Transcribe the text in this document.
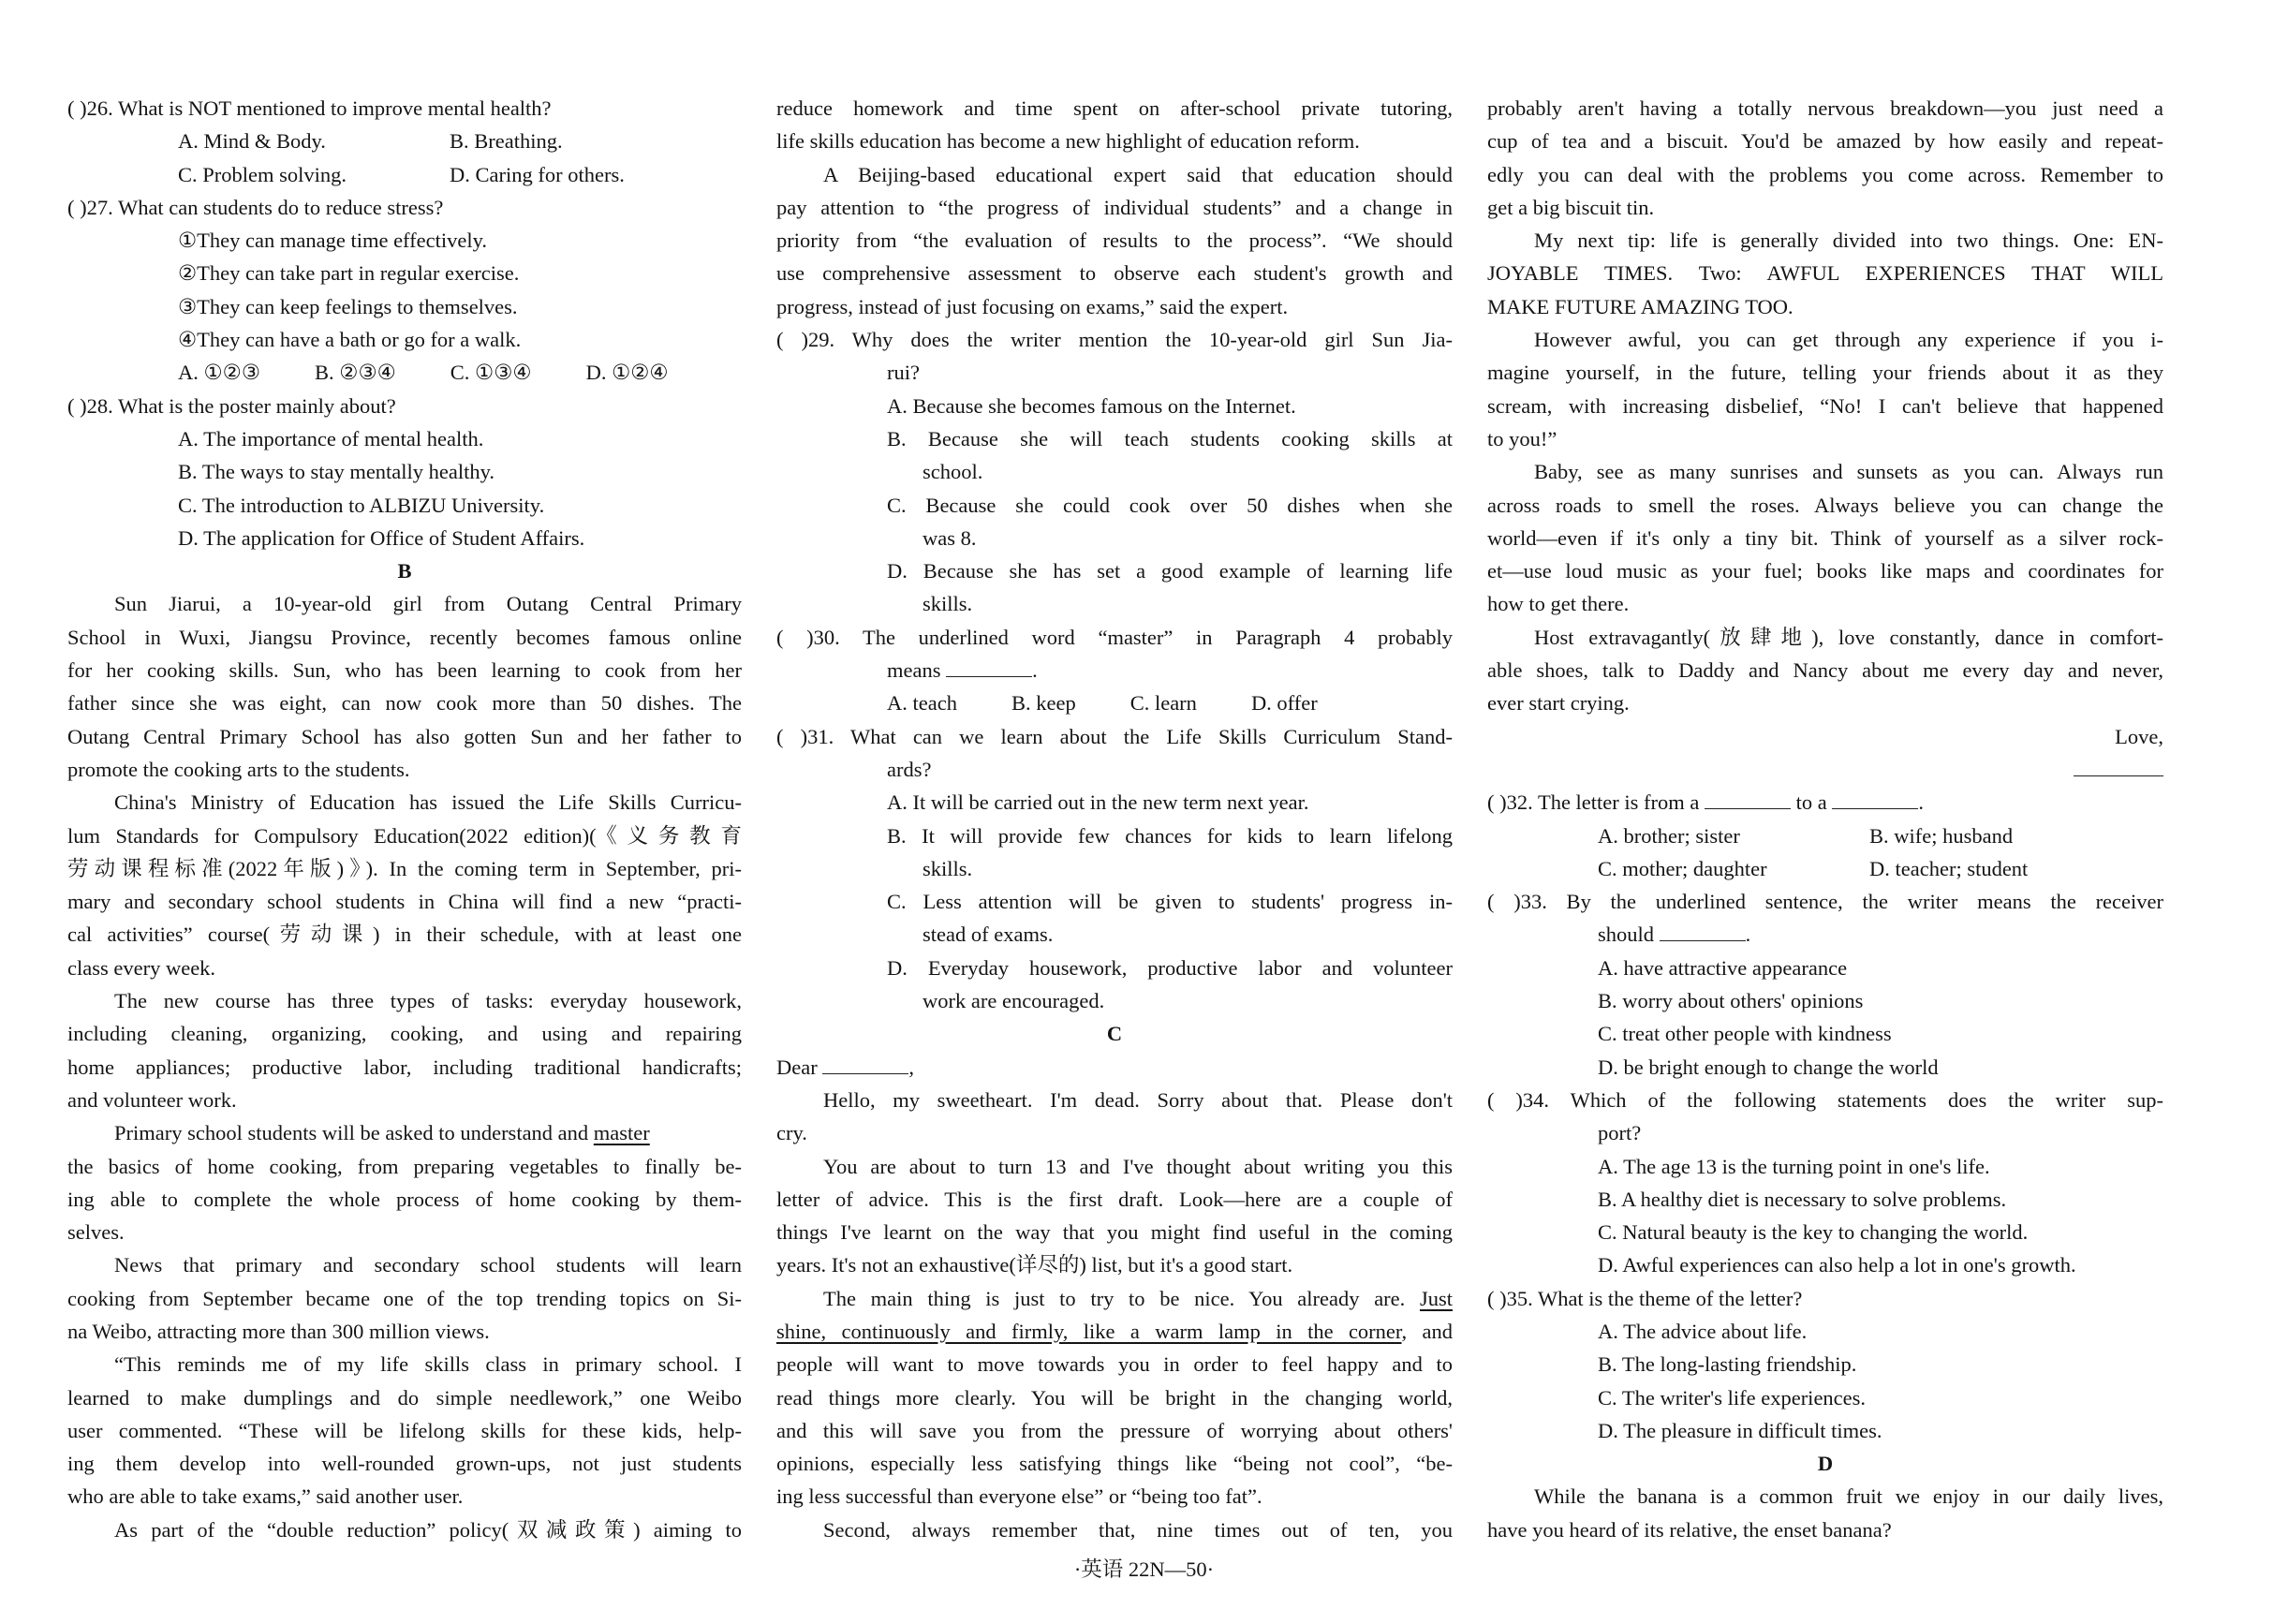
( )26. What is NOT mentioned to improve mental health?
A. Mind & Body.	B. Breathing.
C. Problem solving.	D. Caring for others.
( )27. What can students do to reduce stress?
①They can manage time effectively.
②They can take part in regular exercise.
③They can keep feelings to themselves.
④They can have a bath or go for a walk.
A. ①②③	B. ②③④	C. ①③④	D. ①②④
( )28. What is the poster mainly about?
A. The importance of mental health.
B. The ways to stay mentally healthy.
C. The introduction to ALBIZU University.
D. The application for Office of Student Affairs.
B
Sun Jiarui, a 10-year-old girl from Outang Central Primary
School in Wuxi, Jiangsu Province, recently becomes famous online
for her cooking skills. Sun, who has been learning to cook from her
father since she was eight, can now cook more than 50 dishes. The
Outang Central Primary School has also gotten Sun and her father to
promote the cooking arts to the students.
China's Ministry of Education has issued the Life Skills Curricu-
lum Standards for Compulsory Education(2022 edition)(《义务教育
劳动课程标准(2022年版)》). In the coming term in September, pri-
mary and secondary school students in China will find a new “practi-
cal activities” course(劳动课) in their schedule, with at least one
class every week.
The new course has three types of tasks: everyday housework,
including cleaning, organizing, cooking, and using and repairing
home appliances; productive labor, including traditional handicrafts;
and volunteer work.
Primary school students will be asked to understand and master
the basics of home cooking, from preparing vegetables to finally be-
ing able to complete the whole process of home cooking by them-
selves.
News that primary and secondary school students will learn
cooking from September became one of the top trending topics on Si-
na Weibo, attracting more than 300 million views.
“This reminds me of my life skills class in primary school. I
learned to make dumplings and do simple needlework,” one Weibo
user commented. “These will be lifelong skills for these kids, help-
ing them develop into well-rounded grown-ups, not just students
who are able to take exams,” said another user.
As part of the “double reduction” policy(双减政策) aiming to
reduce homework and time spent on after-school private tutoring,
life skills education has become a new highlight of education reform.
A Beijing-based educational expert said that education should
pay attention to “the progress of individual students” and a change in
priority from “the evaluation of results to the process”. “We should
use comprehensive assessment to observe each student's growth and
progress, instead of just focusing on exams,” said the expert.
( )29. Why does the writer mention the 10-year-old girl Sun Jia-
rui?
A. Because she becomes famous on the Internet.
B. Because she will teach students cooking skills at
school.
C. Because she could cook over 50 dishes when she
was 8.
D. Because she has set a good example of learning life
skills.
( )30. The underlined word “master” in Paragraph 4 probably
means	.
A. teach	B. keep	C. learn	D. offer
( )31. What can we learn about the Life Skills Curriculum Stand-
ards?
A. It will be carried out in the new term next year.
B. It will provide few chances for kids to learn lifelong
skills.
C. Less attention will be given to students' progress in-
stead of exams.
D. Everyday housework, productive labor and volunteer
work are encouraged.
C
Dear	,
Hello, my sweetheart. I'm dead. Sorry about that. Please don't
cry.
You are about to turn 13 and I've thought about writing you this
letter of advice. This is the first draft. Look—here are a couple of
things I've learnt on the way that you might find useful in the coming
years. It's not an exhaustive(详尽的) list, but it's a good start.
The main thing is just to try to be nice. You already are. Just
shine, continuously and firmly, like a warm lamp in the corner, and
people will want to move towards you in order to feel happy and to
read things more clearly. You will be bright in the changing world,
and this will save you from the pressure of worrying about others'
opinions, especially less satisfying things like “being not cool”, “be-
ing less successful than everyone else” or “being too fat”.
Second, always remember that, nine times out of ten, you
probably aren't having a totally nervous breakdown—you just need a
cup of tea and a biscuit. You'd be amazed by how easily and repeat-
edly you can deal with the problems you come across. Remember to
get a big biscuit tin.
My next tip: life is generally divided into two things. One: EN-
JOYABLE TIMES. Two: AWFUL EXPERIENCES THAT WILL
MAKE FUTURE AMAZING TOO.
However awful, you can get through any experience if you i-
magine yourself, in the future, telling your friends about it as they
scream, with increasing disbelief, “No! I can't believe that happened
to you!”
Baby, see as many sunrises and sunsets as you can. Always run
across roads to smell the roses. Always believe you can change the
world—even if it's only a tiny bit. Think of yourself as a silver rock-
et—use loud music as your fuel; books like maps and coordinates for
how to get there.
Host extravagantly(放肆地), love constantly, dance in comfort-
able shoes, talk to Daddy and Nancy about me every day and never,
ever start crying.
Love,
( )32. The letter is from a	to a	.
A. brother; sister	B. wife; husband
C. mother; daughter	D. teacher; student
( )33. By the underlined sentence, the writer means the receiver
should	.
A. have attractive appearance
B. worry about others' opinions
C. treat other people with kindness
D. be bright enough to change the world
( )34. Which of the following statements does the writer sup-
port?
A. The age 13 is the turning point in one's life.
B. A healthy diet is necessary to solve problems.
C. Natural beauty is the key to changing the world.
D. Awful experiences can also help a lot in one's growth.
( )35. What is the theme of the letter?
A. The advice about life.
B. The long-lasting friendship.
C. The writer's life experiences.
D. The pleasure in difficult times.
D
While the banana is a common fruit we enjoy in our daily lives,
have you heard of its relative, the enset banana?
·英语 22N—50·
